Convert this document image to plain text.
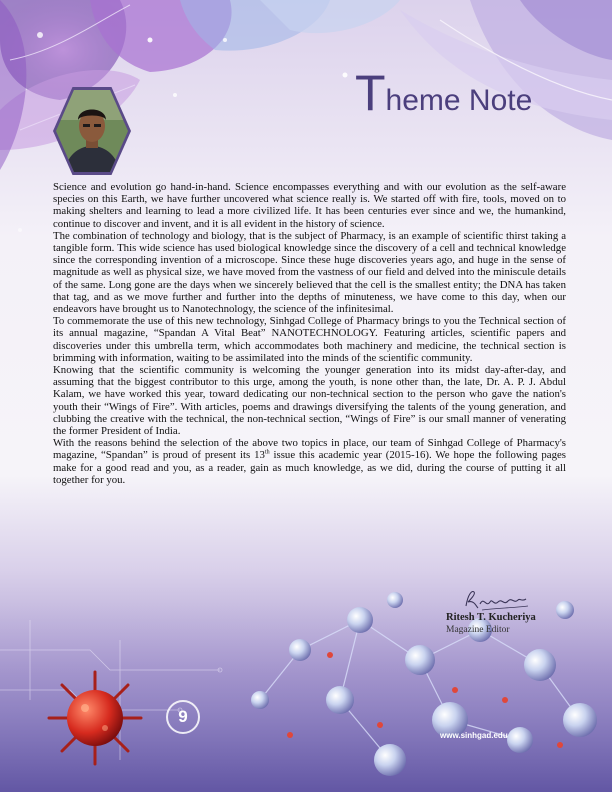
Theme Note

Science and evolution go hand-in-hand. Science encompasses everything and with our evolution as the self-aware species on this Earth, we have further uncovered what science really is. We started off with fire, tools, moved on to making shelters and learning to lead a more civilized life. It has been centuries ever since and we, the humankind, continue to discover and invent, and it is all evident in the history of science.

The combination of technology and biology, that is the subject of Pharmacy, is an example of scientific thirst taking a tangible form. This wide science has used biological knowledge since the discovery of a cell and technical knowledge since the corresponding invention of a microscope. Since these huge discoveries years ago, and huge in the sense of magnitude as well as physical size, we have moved from the vastness of our field and delved into the miniscule details of the same. Long gone are the days when we sincerely believed that the cell is the smallest entity; the DNA has taken that tag, and as we move further and further into the depths of minuteness, we have come to this day, when our endeavors have brought us to Nanotechnology, the science of the infinitesimal.

To commemorate the use of this new technology, Sinhgad College of Pharmacy brings to you the Technical section of its annual magazine, “Spandan A Vital Beat” NANOTECHNOLOGY. Featuring articles, scientific papers and discoveries under this umbrella term, which accommodates both machinery and medicine, the technical section is brimming with information, waiting to be assimilated into the minds of the scientific community.

Knowing that the scientific community is welcoming the younger generation into its midst day-after-day, and assuming that the biggest contributor to this urge, among the youth, is none other than, the late, Dr. A. P. J. Abdul Kalam, we have worked this year, toward dedicating our non-technical section to the person who gave the nation's youth their “Wings of Fire”. With articles, poems and drawings diversifying the talents of the young generation, and clubbing the creative with the technical, the non-technical section, “Wings of Fire” is our small manner of venerating the former President of India.

With the reasons behind the selection of the above two topics in place, our team of Sinhgad College of Pharmacy's magazine, “Spandan” is proud of present its 13th issue this academic year (2015-16). We hope the following pages make for a good read and you, as a reader, gain as much knowledge, as we did, during the course of putting it all together for you.

Ritesh T. Kucheriya
Magazine Editor
9
www.sinhgad.edu
